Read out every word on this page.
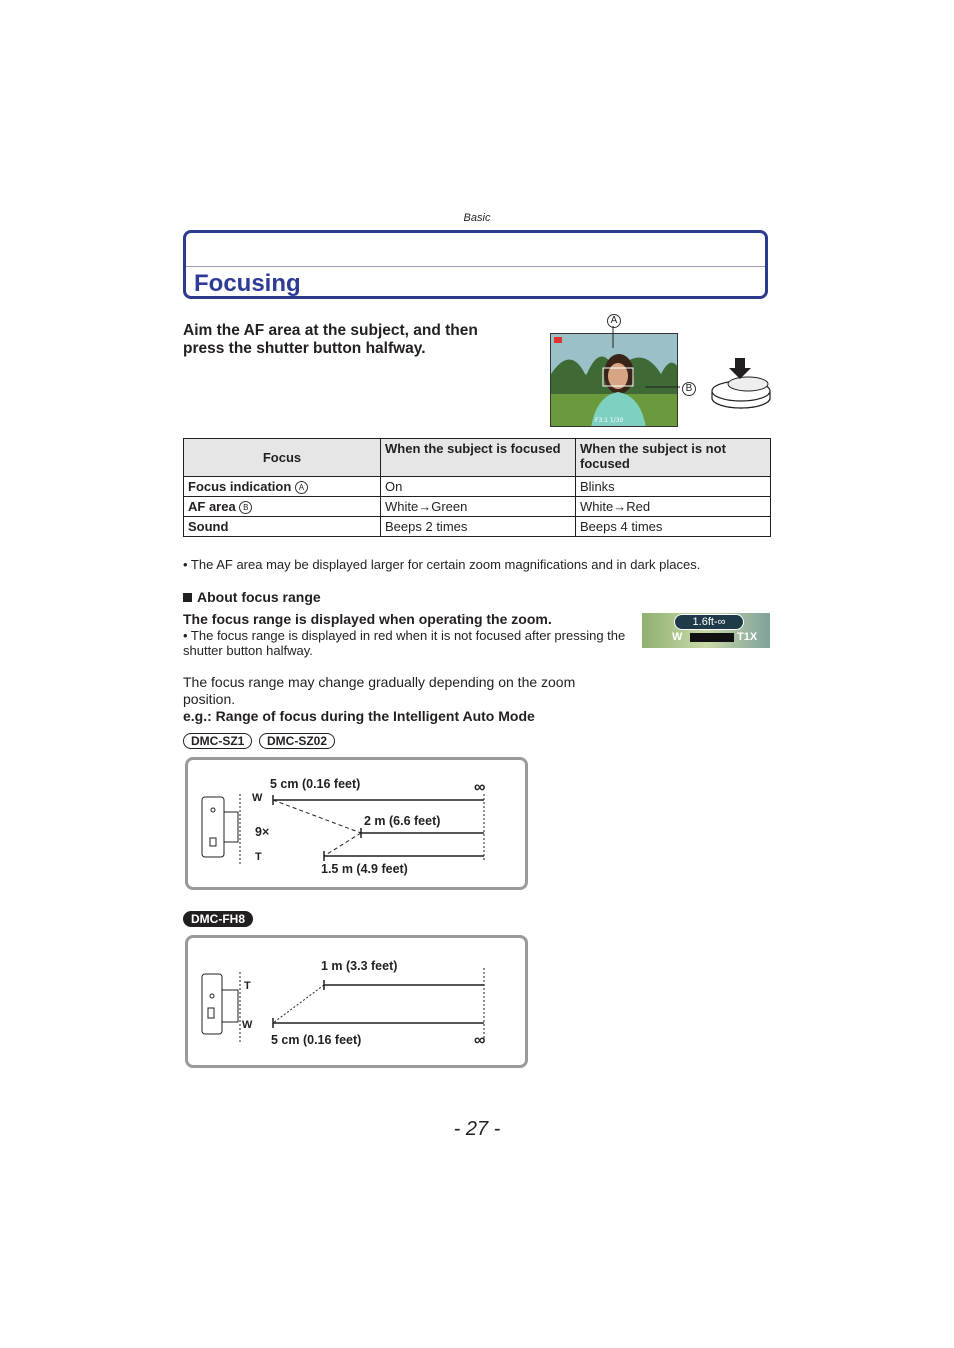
Basic
Focusing
Aim the AF area at the subject, and then press the shutter button halfway.
A
F3.1 1/30
B
Focus	When the subject is focused	When the subject is not focused
Focus indication A	On	Blinks
AF area B	White→Green	White→Red
Sound	Beeps 2 times	Beeps 4 times
• The AF area may be displayed larger for certain zoom magnifications and in dark places.
About focus range
The focus range is displayed when operating the zoom.
• The focus range is displayed in red when it is not focused after pressing the shutter button halfway.
1.6ft-∞
W	T1X
The focus range may change gradually depending on the zoom position.
e.g.: Range of focus during the Intelligent Auto Mode
DMC-SZ1	DMC-SZ02
5 cm (0.16 feet)
W
9×
2 m (6.6 feet)
T
1.5 m (4.9 feet)
∞
DMC-FH8
1 m (3.3 feet)
T
W
5 cm (0.16 feet)	∞
- 27 -
